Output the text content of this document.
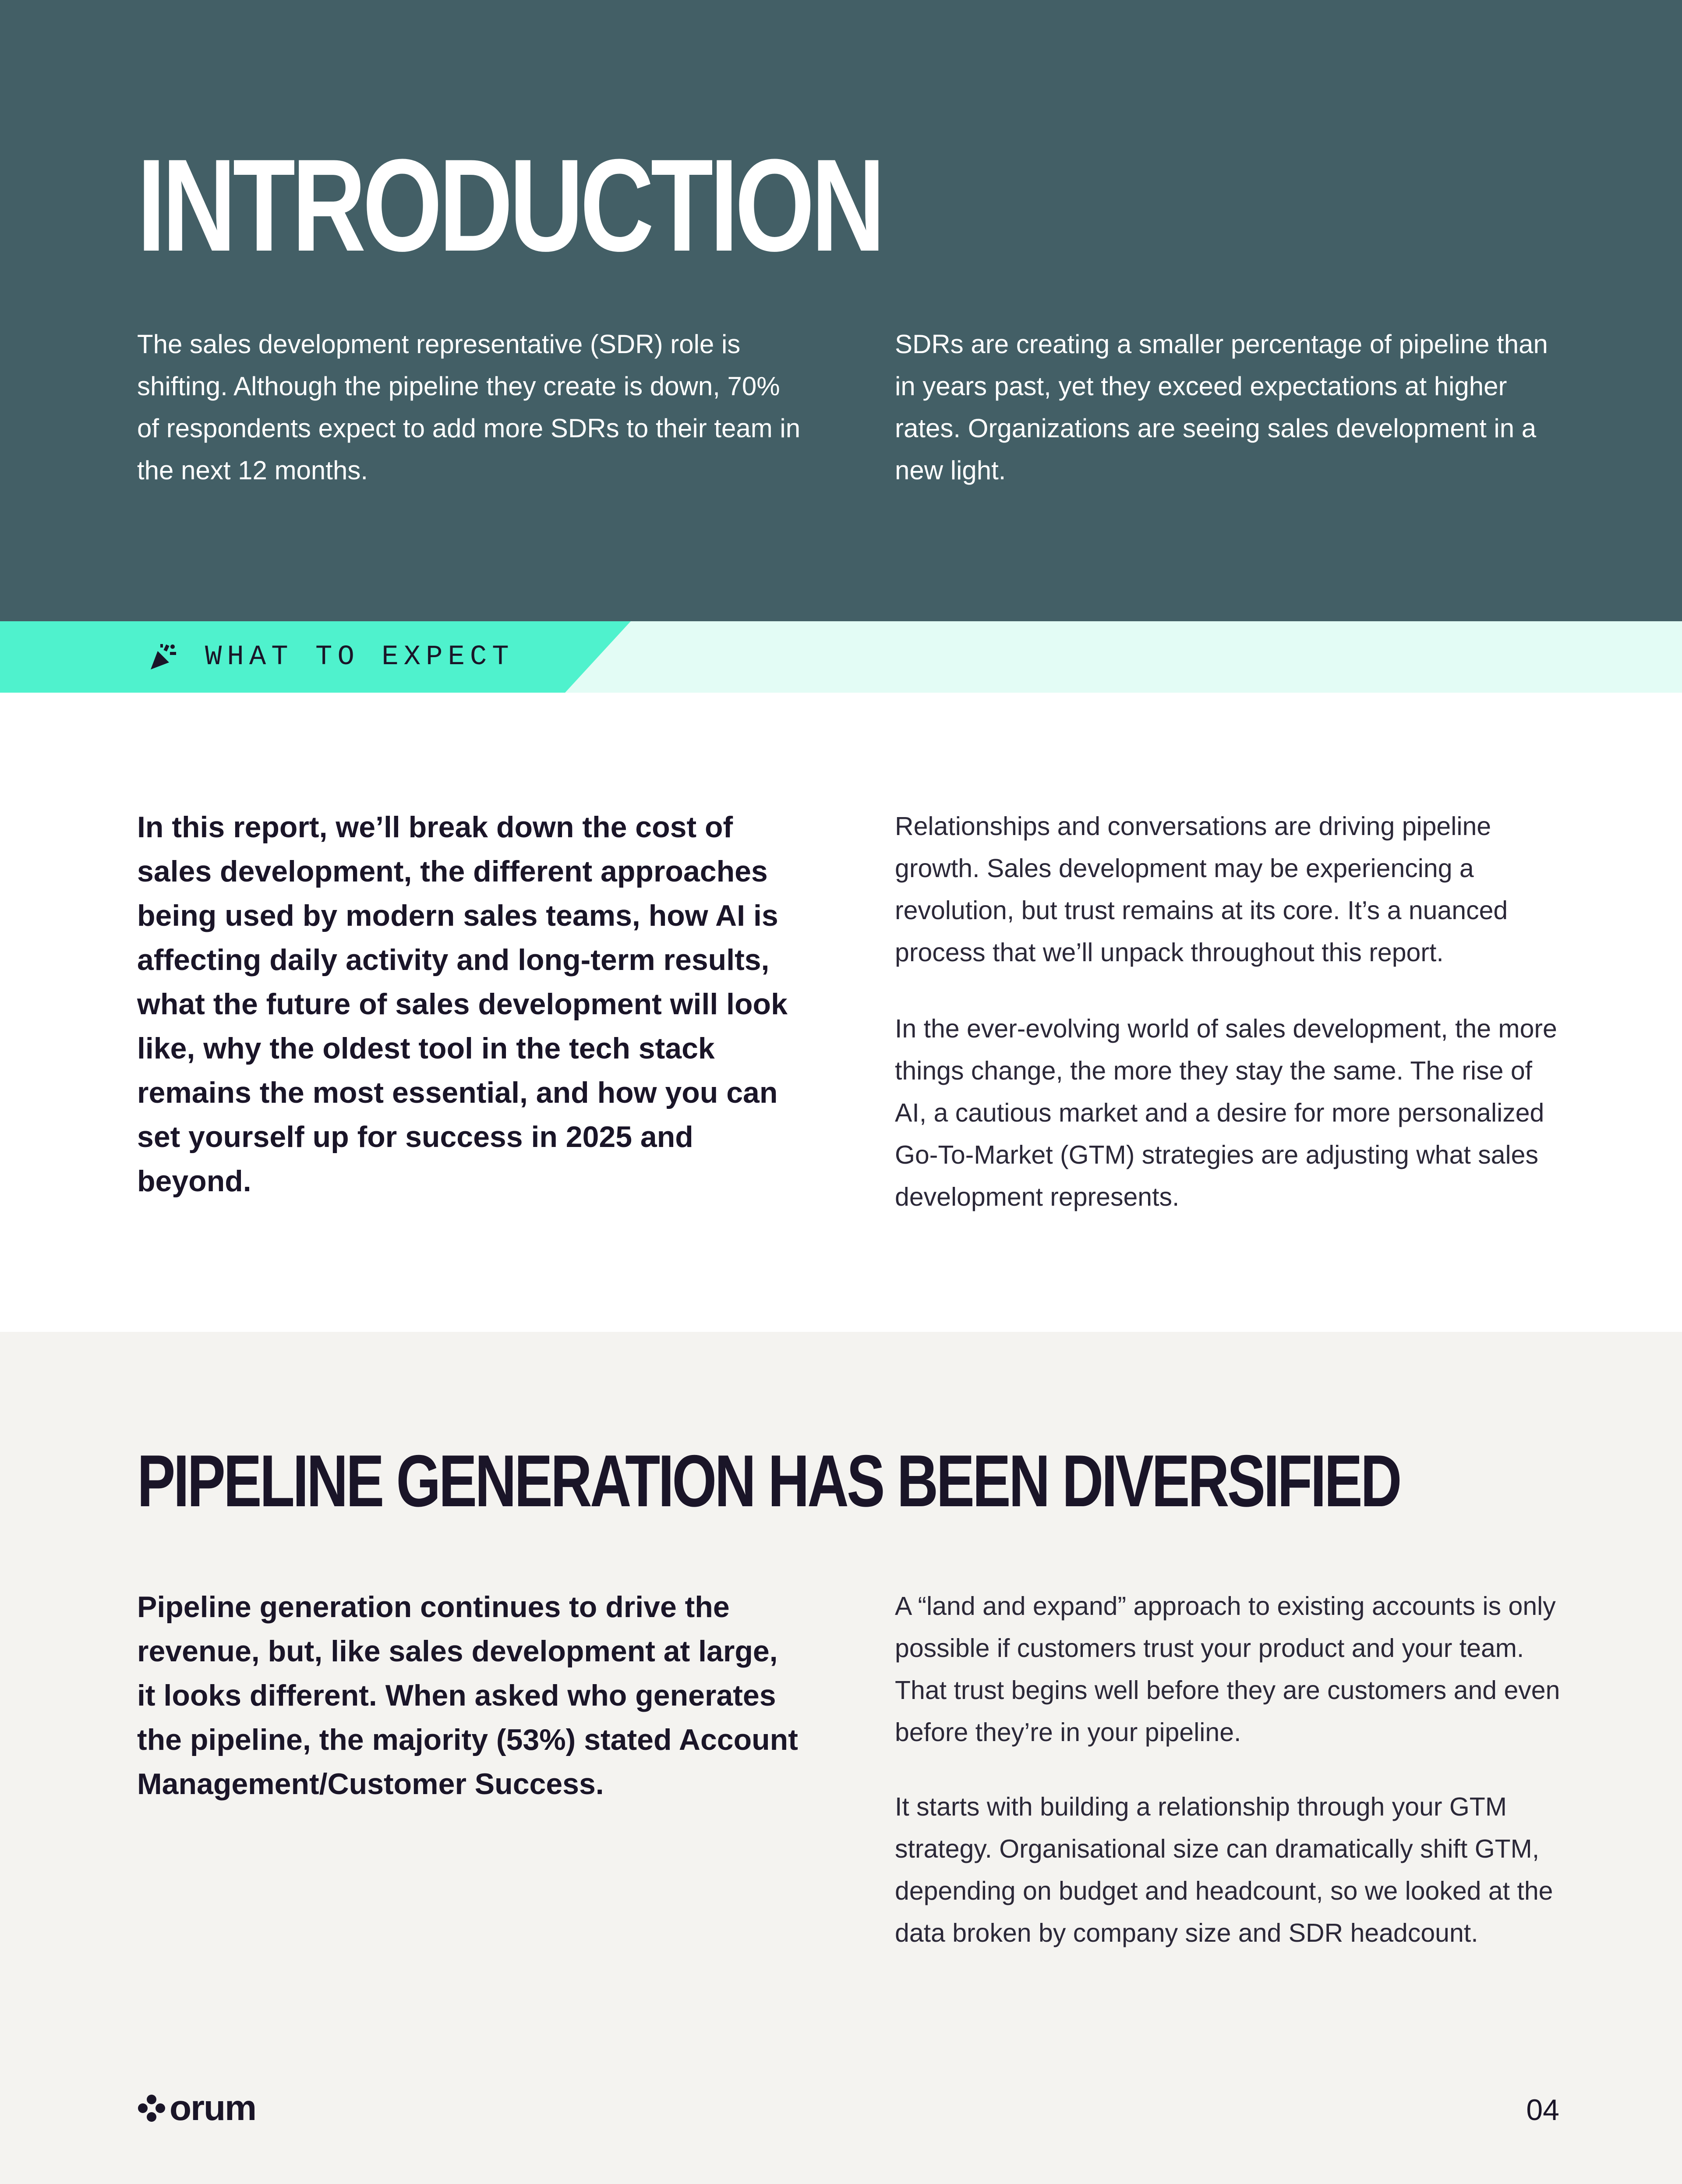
INTRODUCTION

The sales development representative (SDR) role is shifting. Although the pipeline they create is down, 70% of respondents expect to add more SDRs to their team in the next 12 months.

SDRs are creating a smaller percentage of pipeline than in years past, yet they exceed expectations at higher rates. Organizations are seeing sales development in a new light.

WHAT TO EXPECT

In this report, we’ll break down the cost of sales development, the different approaches being used by modern sales teams, how AI is affecting daily activity and long-term results, what the future of sales development will look like, why the oldest tool in the tech stack remains the most essential, and how you can set yourself up for success in 2025 and beyond.

Relationships and conversations are driving pipeline growth. Sales development may be experiencing a revolution, but trust remains at its core. It’s a nuanced process that we’ll unpack throughout this report.

In the ever-evolving world of sales development, the more things change, the more they stay the same. The rise of AI, a cautious market and a desire for more personalized Go-To-Market (GTM) strategies are adjusting what sales development represents.

PIPELINE GENERATION HAS BEEN DIVERSIFIED

Pipeline generation continues to drive the revenue, but, like sales development at large, it looks different. When asked who generates the pipeline, the majority (53%) stated Account Management/Customer Success.

A “land and expand” approach to existing accounts is only possible if customers trust your product and your team. That trust begins well before they are customers and even before they’re in your pipeline.

It starts with building a relationship through your GTM strategy. Organisational size can dramatically shift GTM, depending on budget and headcount, so we looked at the data broken by company size and SDR headcount.

orum	04
